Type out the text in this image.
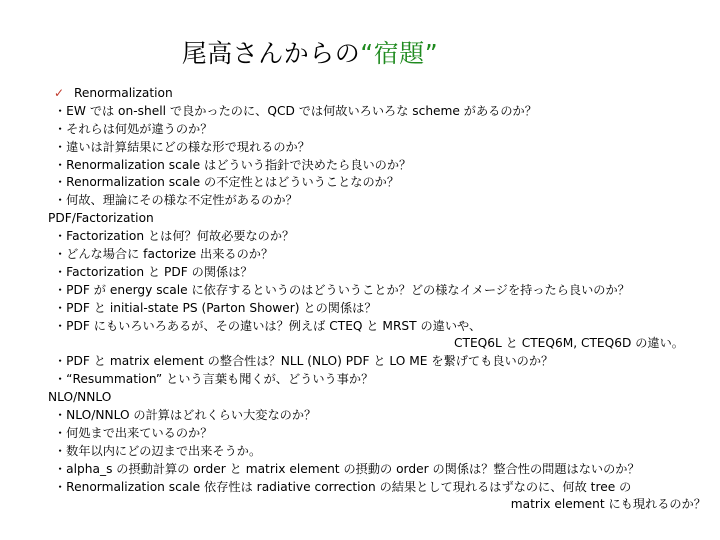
尾高さんからの“宿題”
✓ Renormalization
・EW では on-shell で良かったのに、QCD では何故いろいろな scheme があるのか？
・それらは何処が違うのか？
・違いは計算結果にどの様な形で現れるのか？
・Renormalization scale はどういう指針で決めたら良いのか？
・Renormalization scale の不定性とはどういうことなのか？
・何故、理論にその様な不定性があるのか？
PDF/Factorization
・Factorization とは何？何故必要なのか？
・どんな場合に factorize 出来るのか？
・Factorization と PDF の関係は？
・PDF が energy scale に依存するというのはどういうことか？どの様なイメージを持ったら良いのか？
・PDF と initial-state PS (Parton Shower) との関係は？
・PDF にもいろいろあるが、その違いは？例えば CTEQ と MRST の違いや、
CTEQ6L と CTEQ6M, CTEQ6D の違い。
・PDF と matrix element の整合性は？NLL (NLO) PDF と LO ME を繋げても良いのか？
・“Resummation” という言葉も聞くが、どういう事か？
NLO/NNLO
・NLO/NNLO の計算はどれくらい大変なのか？
・何処まで出来ているのか？
・数年以内にどの辺まで出来そうか。
・alpha_s の摂動計算の order と matrix element の摂動の order の関係は？整合性の問題はないのか？
・Renormalization scale 依存性は radiative correction の結果として現れるはずなのに、何故 tree の
matrix element にも現れるのか？
